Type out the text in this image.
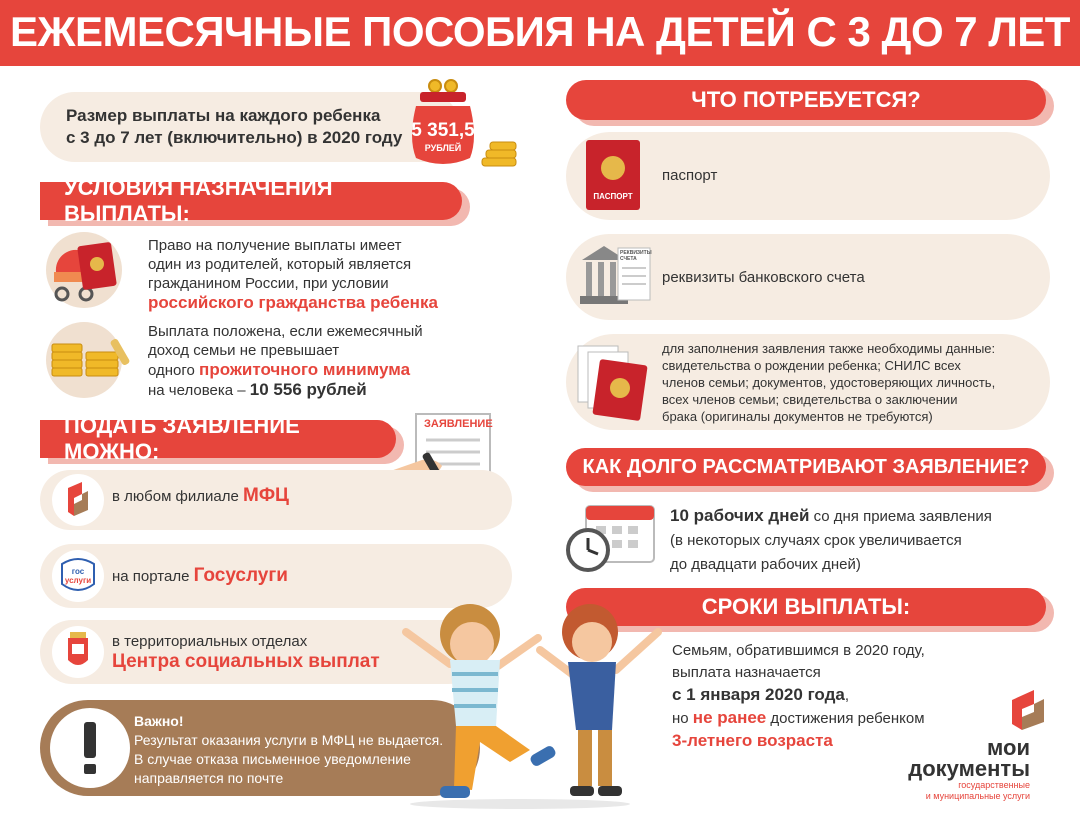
ЕЖЕМЕСЯЧНЫЕ ПОСОБИЯ НА ДЕТЕЙ С 3 ДО 7 ЛЕТ
Размер выплаты на каждого ребенка
с 3 до 7 лет (включительно) в 2020 году 5 351,5
РУБЛЕЙ
УСЛОВИЯ НАЗНАЧЕНИЯ ВЫПЛАТЫ:
Право на получение выплаты имеет
один из родителей, который является
гражданином России, при условии
российского гражданства ребенка
Выплата положена, если ежемесячный
доход семьи не превышает
одного прожиточного минимума
на человека – 10 556 рублей
ПОДАТЬ ЗАЯВЛЕНИЕ МОЖНО:
ЗАЯВЛЕНИЕ
в любом филиале МФЦ
гос
услуги	на портале Госуслуги
в территориальных отделах
Центра социальных выплат
Важно!
Результат оказания услуги в МФЦ не выдается.
В случае отказа письменное уведомление
направляется по почте
ЧТО ПОТРЕБУЕТСЯ?
ПАСПОРТ
паспорт
РЕКВИЗИТЫ СЧЕТА
реквизиты банковского счета
для заполнения заявления также необходимы данные:
свидетельства о рождении ребенка; СНИЛС всех
членов семьи; документов, удостоверяющих личность,
всех членов семьи; свидетельства о заключении
брака (оригиналы документов не требуются)
КАК ДОЛГО РАССМАТРИВАЮТ ЗАЯВЛЕНИЕ?
10 рабочих дней со дня приема заявления
(в некоторых случаях срок увеличивается
до двадцати рабочих дней)
СРОКИ ВЫПЛАТЫ:
Семьям, обратившимся в 2020 году,
выплата назначается
с 1 января 2020 года,
но не ранее достижения ребенком
3-летнего возраста	мои
документы
государственные
и муниципальные услуги
